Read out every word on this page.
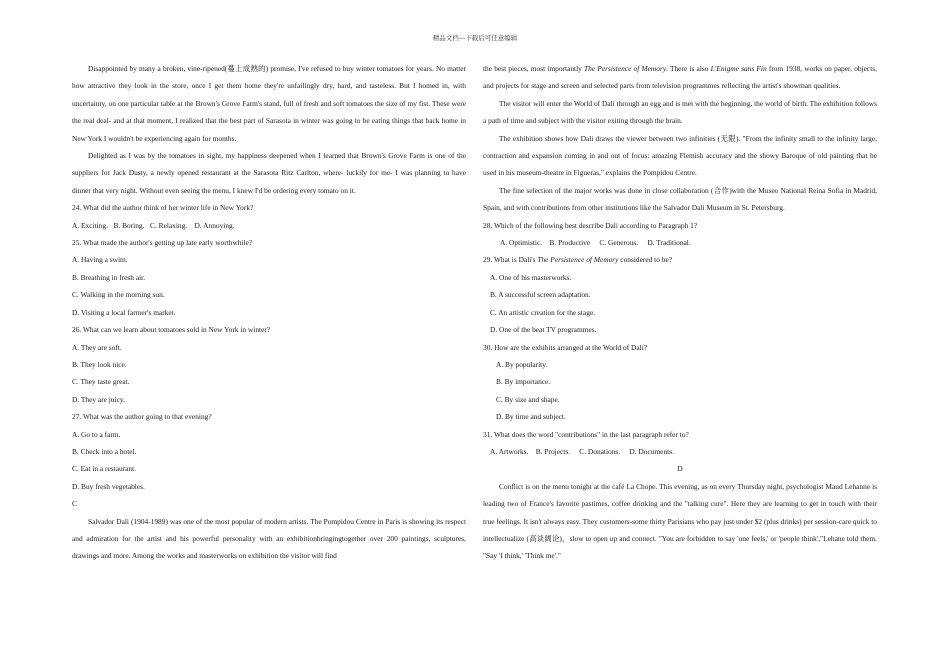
精品文档---下载后可任意编辑

Disappointed by many a broken, vine-ripened(蔓上成熟的) promise, I've refused to buy winter tomatoes for years. No matter how attractive they look in the store, once I get them home they're unfailingly dry, hard, and tasteless. But I homed in, with uncertainty, on one particular table at the Brown's Grove Farm's stand, full of fresh and soft tomatoes the size of my fist. These were the real deal- and at that moment, I realized that the best part of Sarasota in winter was going to be eating things that back home in New York I wouldn't be experiencing again for months.

Delighted as I was by the tomatoes in sight, my happiness deepened when I learned that Brown's Grove Farm is one of the suppliers for Jack Dusty, a newly opened restaurant at the Sarasota Ritz Carlton, where- luckily for me- I was planning to have dinner that very night. Without even seeing the menu, I knew I'd be ordering every tomato on it.

24. What did the author think of her winter life in New York?

A. Exciting.   B. Boring.   C. Relaxing.    D. Annoying.

25. What made the author's getting up late early worthwhile?

A. Having a swim.

B. Breathing in fresh air.

C. Walking in the morning sun.

D. Visiting a local farmer's market.

26. What can we learn about tomatoes sold in New York in winter?

A. They are soft.

B. They look nice.

C. They taste great.

D. They are juicy.

27. What was the author going to that evening?

A. Go to a farm.

B. Check into a hotel.

C. Eat in a restaurant.

D. Buy fresh vegetables.

C

Salvador Dali (1904-1989) was one of the most popular of modern artists. The Pompidou Centre in Paris is showing its respect and admiration for the artist and his powerful personality with an exhibitionbringingtogether over 200 paintings, sculptures, drawings and more. Among the works and masterworks on exhibition the visitor will find

the best pieces, most importantly The Persistence of Memory. There is also L'Enigme sans Fin from 1938, works on paper, objects, and projects for stage and screen and selected parts from television programmes reflecting the artist's showman qualities.

The visitor will enter the World of Dali through an egg and is met with the beginning, the world of birth. The exhibition follows a path of time and subject with the visitor exiting through the brain.

The exhibition shows how Dali draws the viewer between two infinities (无限). "From the infinity small to the infinity large, contraction and expansion coming in and out of focus: amazing Flemish accuracy and the showy Baroque of old painting that he used in his museum-theatre in Figueras," explains the Pompidou Centre.

The fine selection of the major works was done in close collaboration (合作)with the Museo National Reina Sofia in Madrid, Spain, and with contributions from other institutions like the Salvador Dali Museum in St. Petersburg.

28. Which of the following best describe Dali according to Paragraph 1?

A. Optimistic.    B. Productive     C. Generous.     D. Traditional.

29. What is Dali's The Persistence of Memory considered to be?

A. One of his masterworks.

B. A successful screen adaptation.

C. An artistic creation for the stage.

D. One of the beat TV programmes.

30. How are the exhibits arranged at the World of Dali?

A. By popularity.

B. By importance.

C. By size and shape.

D. By time and subject.

31. What does the word "contributions" in the last paragraph refer to?

A. Artworks.    B. Projects.     C. Donations.     D. Documents.

D

Conflict is on the menu tonight at the café La Chope. This evening, as on every Thursday night, psychologist Maud Lehanne is leading two of France's favorite pastimes, coffee drinking and the "talking cure". Here they are learning to get in touch with their true feelings. It isn't always easy. They customers-some thirty Parisians who pay just under $2 (plus drinks) per session-care quick to intellectualize (高谈阔论)，slow to open up and connect. "You are forbidden to say 'one feels,' or 'people think',"Lehane told them. "Say 'I think,' 'Think me'."
